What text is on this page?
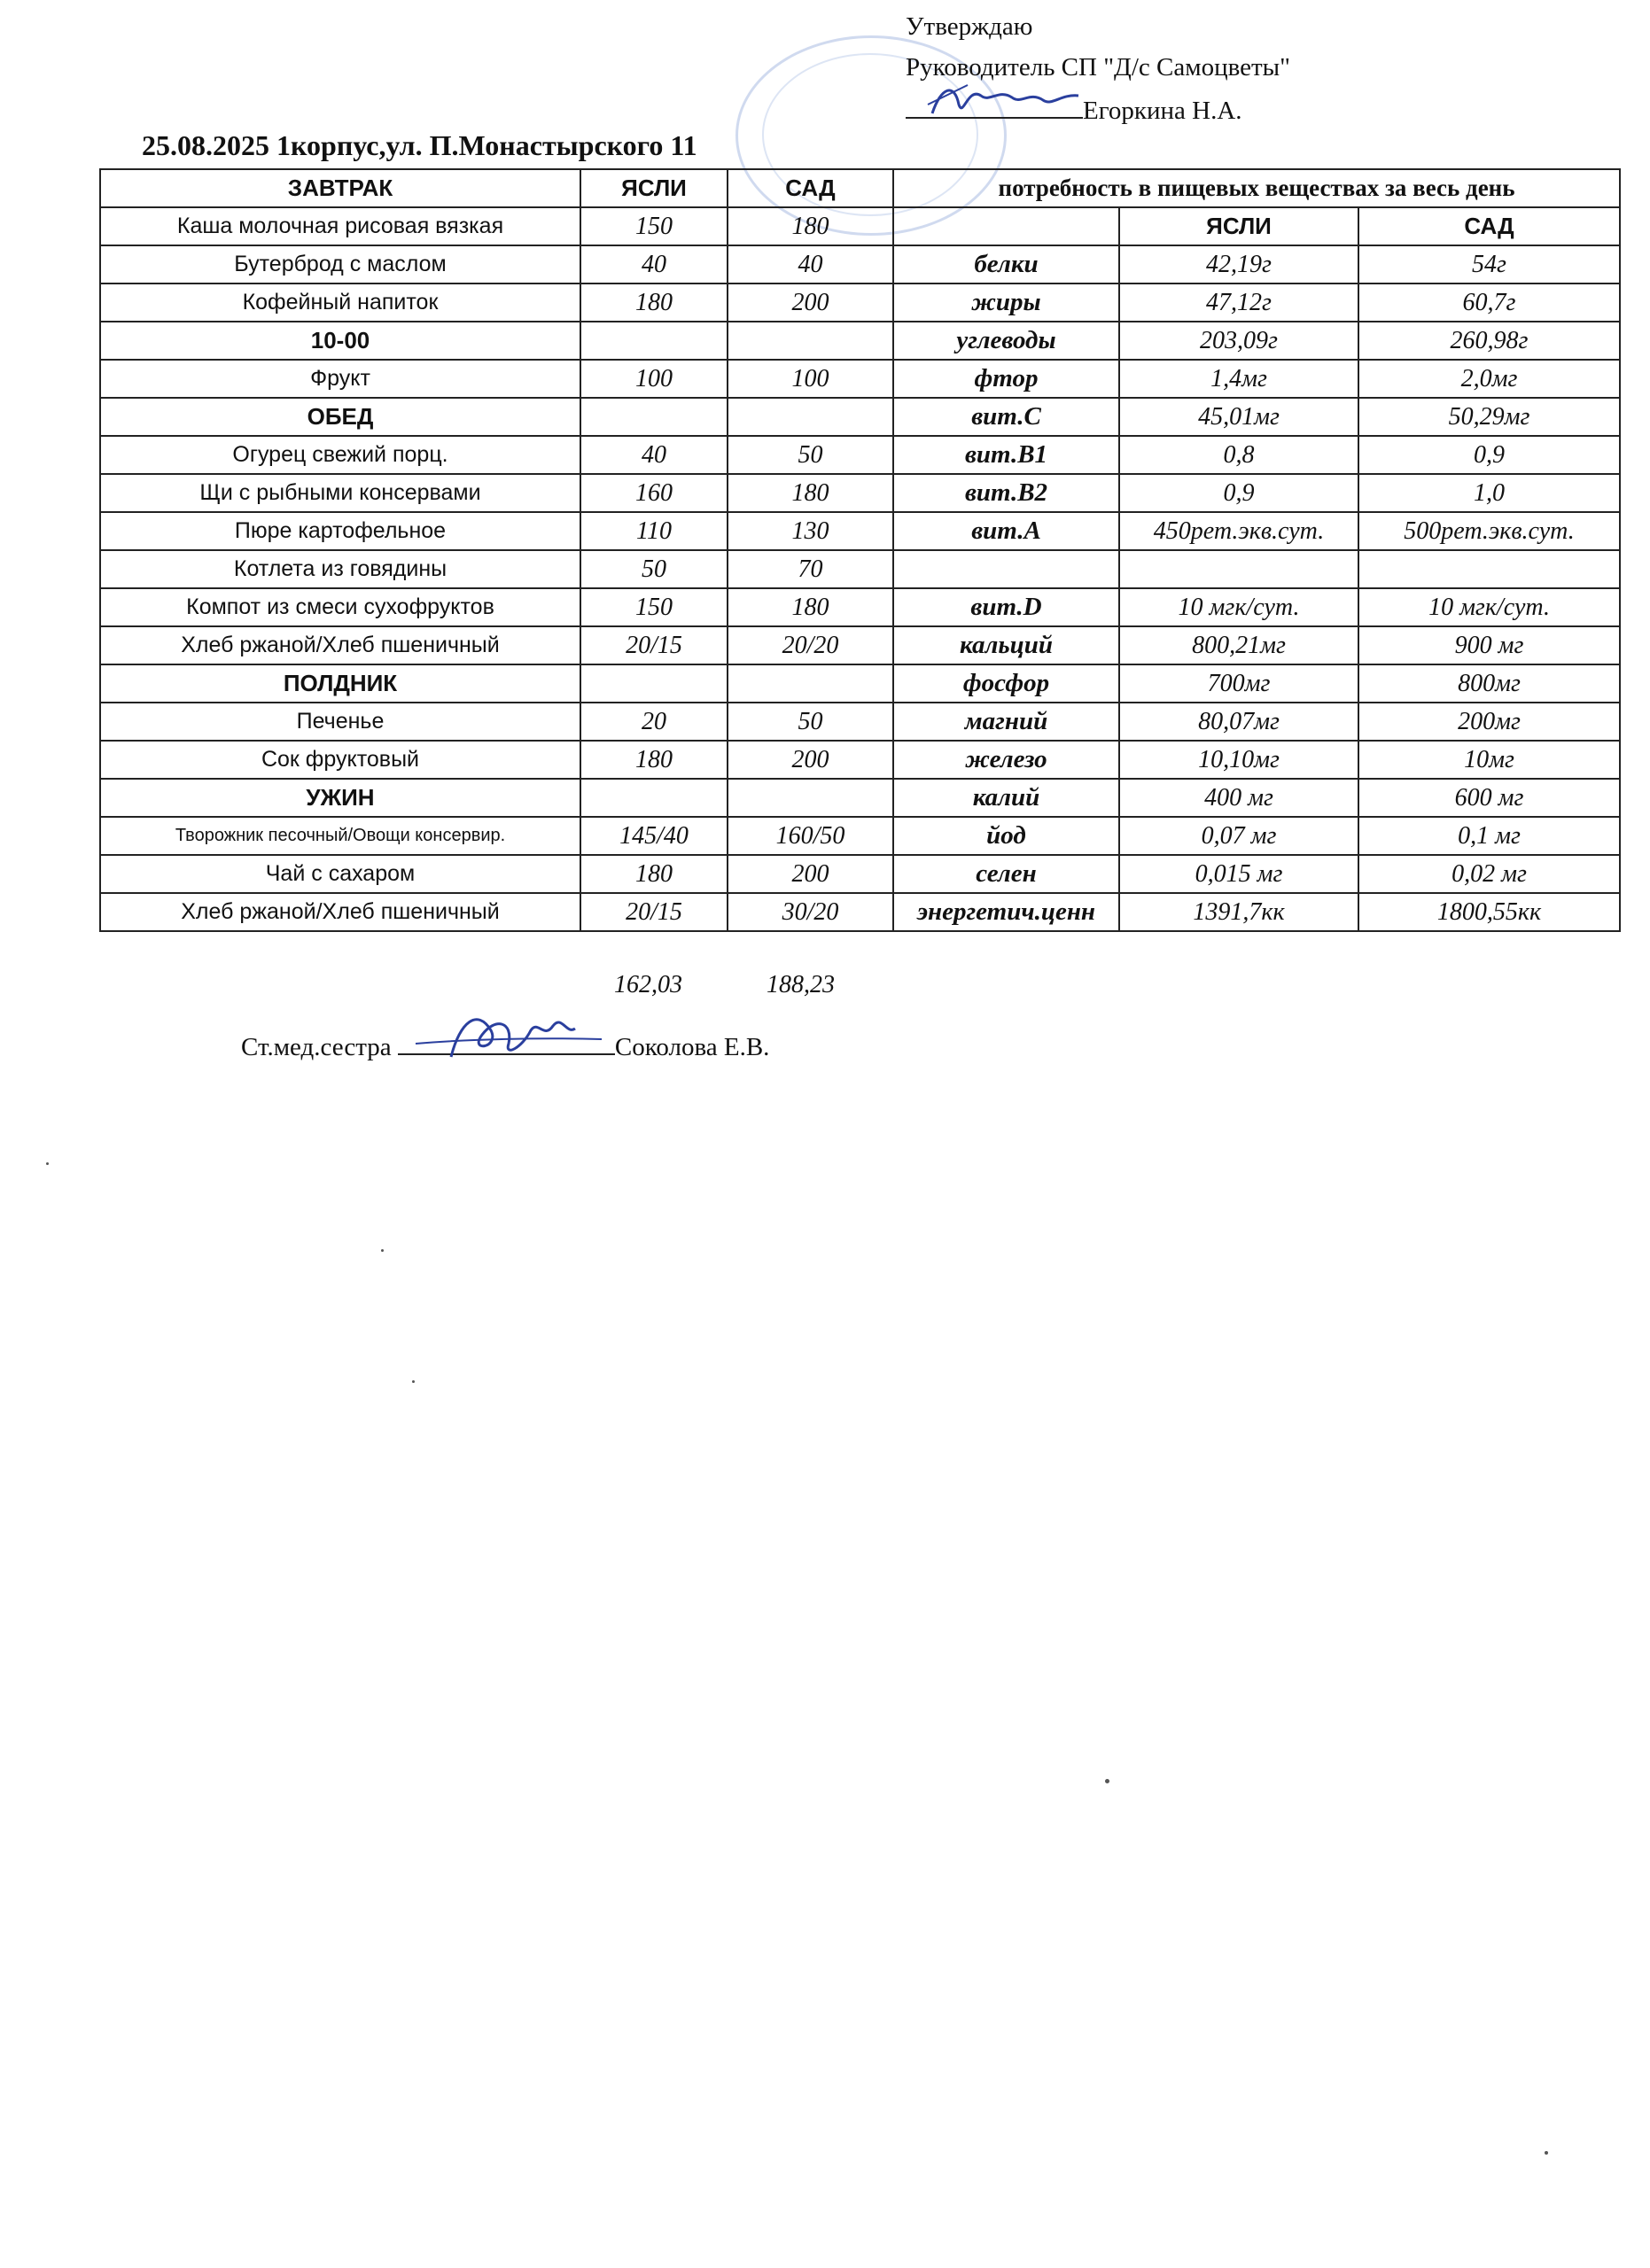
Утверждаю
Руководитель СП "Д/с Самоцветы"
Егоркина Н.А.
25.08.2025 1корпус,ул. П.Монастырского 11
ЗАВТРАК	ЯСЛИ	САД	потребность в пищевых веществах за весь день		
Каша молочная рисовая вязкая	150	180		ЯСЛИ	САД
Бутерброд с маслом	40	40	белки	42,19г	54г
Кофейный напиток	180	200	жиры	47,12г	60,7г
10-00			углеводы	203,09г	260,98г
Фрукт	100	100	фтор	1,4мг	2,0мг
ОБЕД			вит.С	45,01мг	50,29мг
Огурец свежий порц.	40	50	вит.В1	0,8	0,9
Щи с рыбными консервами	160	180	вит.В2	0,9	1,0
Пюре картофельное	110	130	вит.А	450рет.экв.сут.	500рет.экв.сут.
Котлета из говядины	50	70			
Компот из смеси сухофруктов	150	180	вит.D	10 мгк/сут.	10 мгк/сут.
Хлеб ржаной/Хлеб пшеничный	20/15	20/20	кальций	800,21мг	900 мг
ПОЛДНИК			фосфор	700мг	800мг
Печенье	20	50	магний	80,07мг	200мг
Сок фруктовый	180	200	железо	10,10мг	10мг
УЖИН			калий	400 мг	600 мг
Творожник песочный/Овощи консервир.	145/40	160/50	йод	0,07 мг	0,1 мг
Чай с сахаром	180	200	селен	0,015 мг	0,02 мг
Хлеб ржаной/Хлеб пшеничный	20/15	30/20	энергетич.ценн	1391,7кк	1800,55кк
162,03	188,23
Ст.мед.сестра	Соколова Е.В.
